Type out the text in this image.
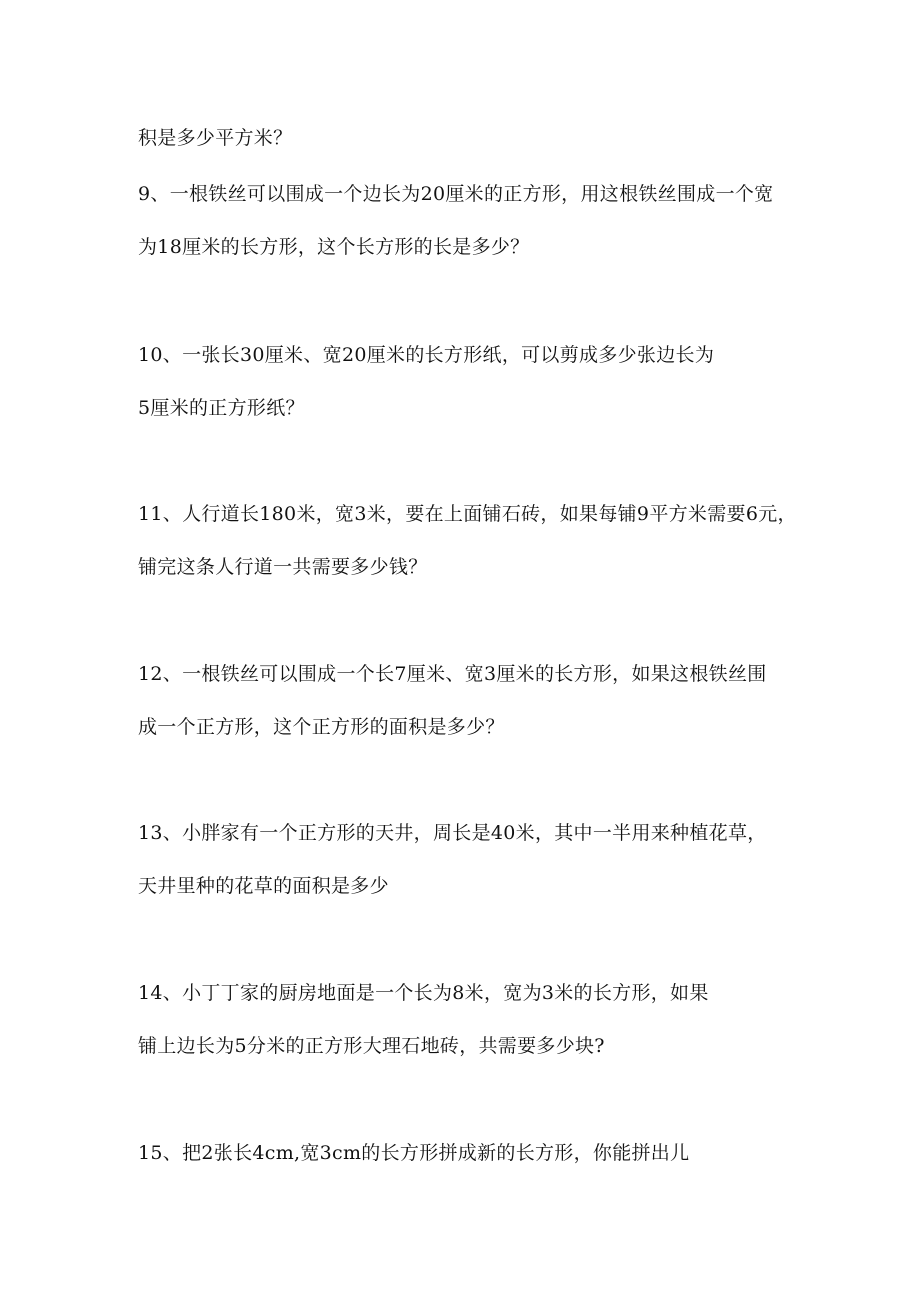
积是多少平方米？
9、一根铁丝可以围成一个边长为20厘米的正方形，用这根铁丝围成一个宽
为18厘米的长方形，这个长方形的长是多少？
10、一张长30厘米、宽20厘米的长方形纸，可以剪成多少张边长为
5厘米的正方形纸？
11、人行道长180米，宽3米，要在上面铺石砖，如果每铺9平方米需要6元，
铺完这条人行道一共需要多少钱？
12、一根铁丝可以围成一个长7厘米、宽3厘米的长方形，如果这根铁丝围
成一个正方形，这个正方形的面积是多少？
13、小胖家有一个正方形的天井，周长是40米，其中一半用来种植花草，
天井里种的花草的面积是多少
14、小丁丁家的厨房地面是一个长为8米，宽为3米的长方形，如果
铺上边长为5分米的正方形大理石地砖，共需要多少块?
15、把2张长4cm,宽3cm的长方形拼成新的长方形，你能拼出儿
